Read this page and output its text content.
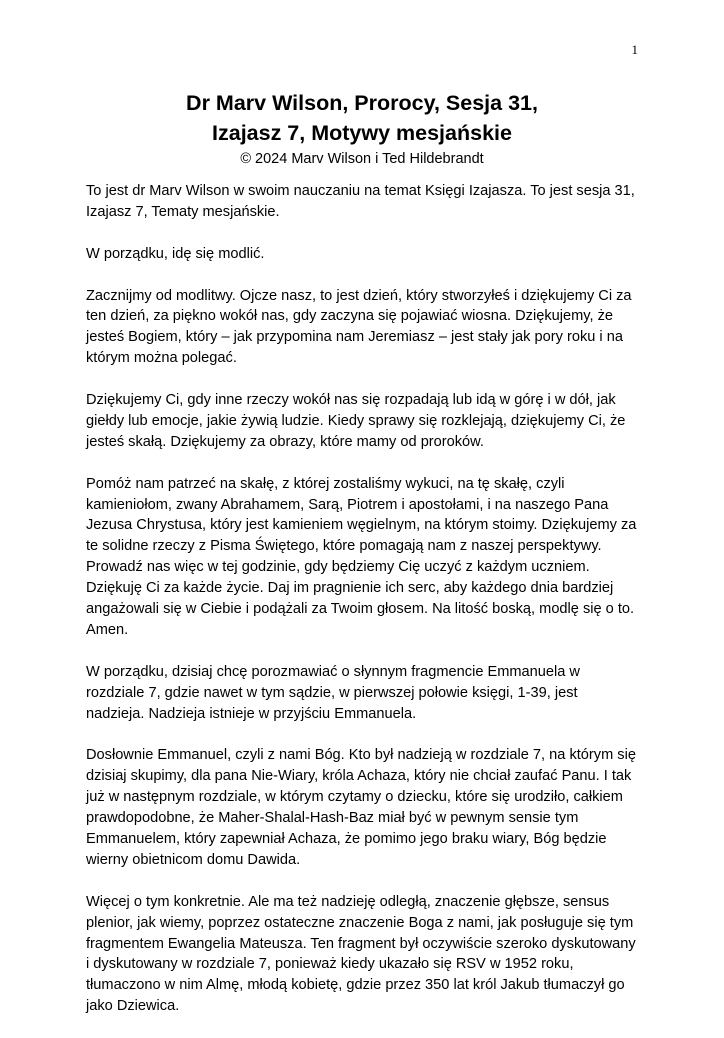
1

Dr Marv Wilson, Prorocy, Sesja 31,

Izajasz 7, Motywy mesjańskie

© 2024 Marv Wilson i Ted Hildebrandt

To jest dr Marv Wilson w swoim nauczaniu na temat Księgi Izajasza. To jest sesja 31, Izajasz 7, Tematy mesjańskie.

W porządku, idę się modlić.

Zacznijmy od modlitwy. Ojcze nasz, to jest dzień, który stworzyłeś i dziękujemy Ci za ten dzień, za piękno wokół nas, gdy zaczyna się pojawiać wiosna. Dziękujemy, że jesteś Bogiem, który – jak przypomina nam Jeremiasz – jest stały jak pory roku i na którym można polegać.

Dziękujemy Ci, gdy inne rzeczy wokół nas się rozpadają lub idą w górę i w dół, jak giełdy lub emocje, jakie żywią ludzie. Kiedy sprawy się rozklejają, dziękujemy Ci, że jesteś skałą. Dziękujemy za obrazy, które mamy od proroków.

Pomóż nam patrzeć na skałę, z której zostaliśmy wykuci, na tę skałę, czyli kamieniołom, zwany Abrahamem, Sarą, Piotrem i apostołami, i na naszego Pana Jezusa Chrystusa, który jest kamieniem węgielnym, na którym stoimy. Dziękujemy za te solidne rzeczy z Pisma Świętego, które pomagają nam z naszej perspektywy. Prowadź nas więc w tej godzinie, gdy będziemy Cię uczyć z każdym uczniem. Dziękuję Ci za każde życie. Daj im pragnienie ich serc, aby każdego dnia bardziej angażowali się w Ciebie i podążali za Twoim głosem. Na litość boską, modlę się o to. Amen.

W porządku, dzisiaj chcę porozmawiać o słynnym fragmencie Emmanuela w rozdziale 7, gdzie nawet w tym sądzie, w pierwszej połowie księgi, 1-39, jest nadzieja. Nadzieja istnieje w przyjściu Emmanuela.

Dosłownie Emmanuel, czyli z nami Bóg. Kto był nadzieją w rozdziale 7, na którym się dzisiaj skupimy, dla pana Nie-Wiary, króla Achaza, który nie chciał zaufać Panu. I tak już w następnym rozdziale, w którym czytamy o dziecku, które się urodziło, całkiem prawdopodobne, że Maher-Shalal-Hash-Baz miał być w pewnym sensie tym Emmanuelem, który zapewniał Achaza, że pomimo jego braku wiary, Bóg będzie wierny obietnicom domu Dawida.

Więcej o tym konkretnie. Ale ma też nadzieję odległą, znaczenie głębsze, sensus plenior, jak wiemy, poprzez ostateczne znaczenie Boga z nami, jak posługuje się tym fragmentem Ewangelia Mateusza. Ten fragment był oczywiście szeroko dyskutowany i dyskutowany w rozdziale 7, ponieważ kiedy ukazało się RSV w 1952 roku, tłumaczono w nim Almę, młodą kobietę, gdzie przez 350 lat król Jakub tłumaczył go jako Dziewica.
